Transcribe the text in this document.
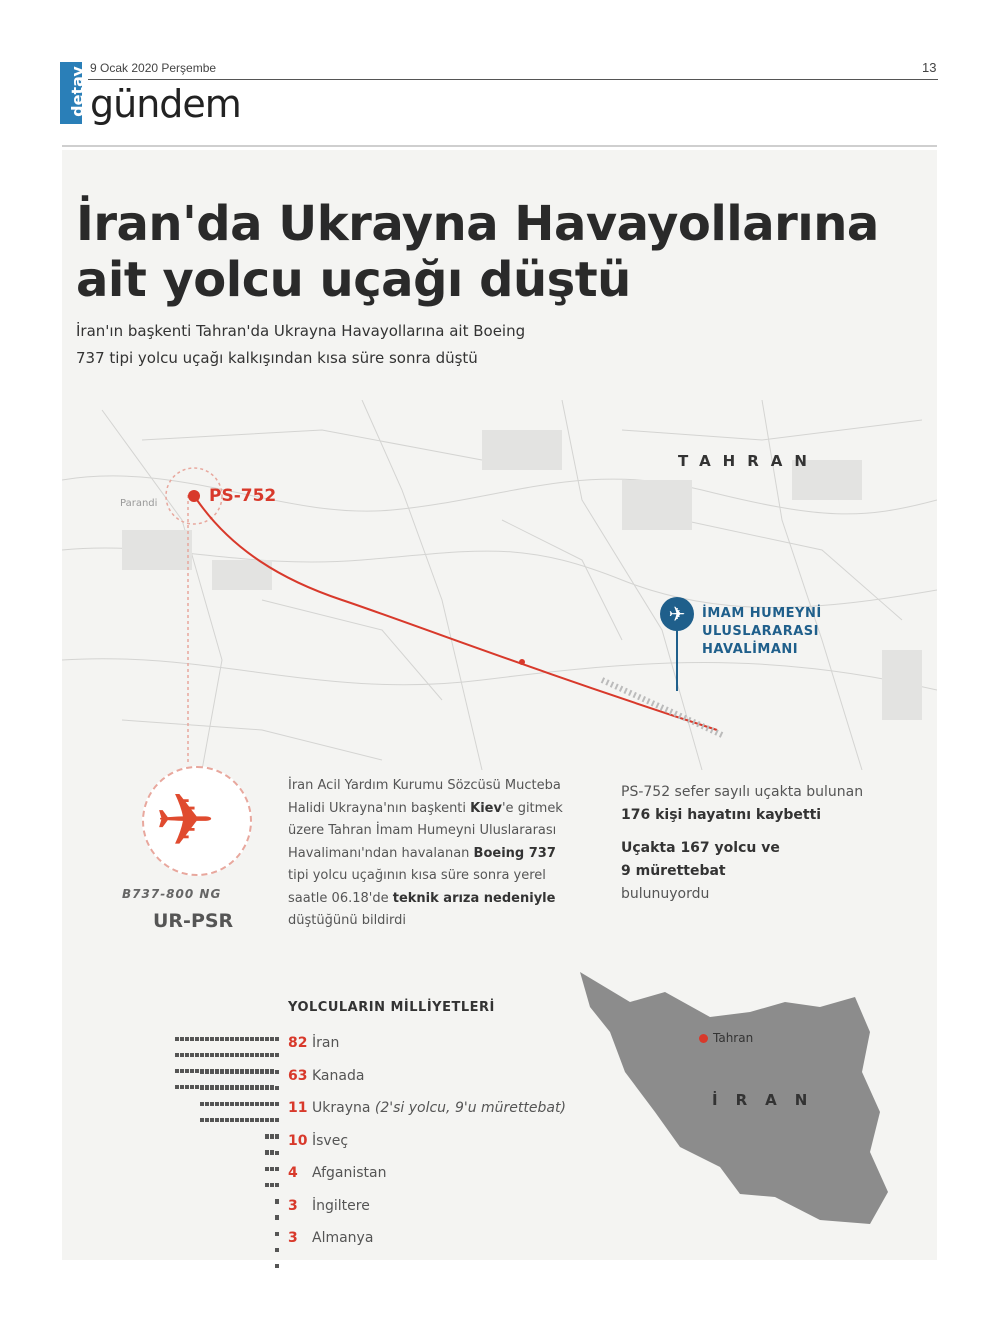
detay 9 Ocak 2020 Perşembe	13
gündem
İran'da Ukrayna Havayollarına
ait yolcu uçağı düştü
İran'ın başkenti Tahran'da Ukrayna Havayollarına ait Boeing 737 tipi yolcu uçağı kalkışından kısa süre sonra düştü
TAHRAN
Parandi	PS-752
✈	İMAM HUMEYNİ ULUSLARARASI HAVALİMANI
✈
B737-800 NG
UR-PSR
İran Acil Yardım Kurumu Sözcüsü Mucteba Halidi Ukrayna'nın başkenti Kiev'e gitmek üzere Tahran İmam Humeyni Uluslararası Havalimanı'ndan havalanan Boeing 737 tipi yolcu uçağının kısa süre sonra yerel saatle 06.18'de teknik arıza nedeniyle düştüğünü bildirdi
PS-752 sefer sayılı uçakta bulunan
176 kişi hayatını kaybetti
Uçakta 167 yolcu ve
9 mürettebat
bulunuyordu
YOLCULARIN MİLLİYETLERİ
82 İran
63 Kanada
11 Ukrayna (2'si yolcu, 9'u mürettebat)
10 İsveç
4 Afganistan
3 İngiltere
3 Almanya
Tahran
İRAN
